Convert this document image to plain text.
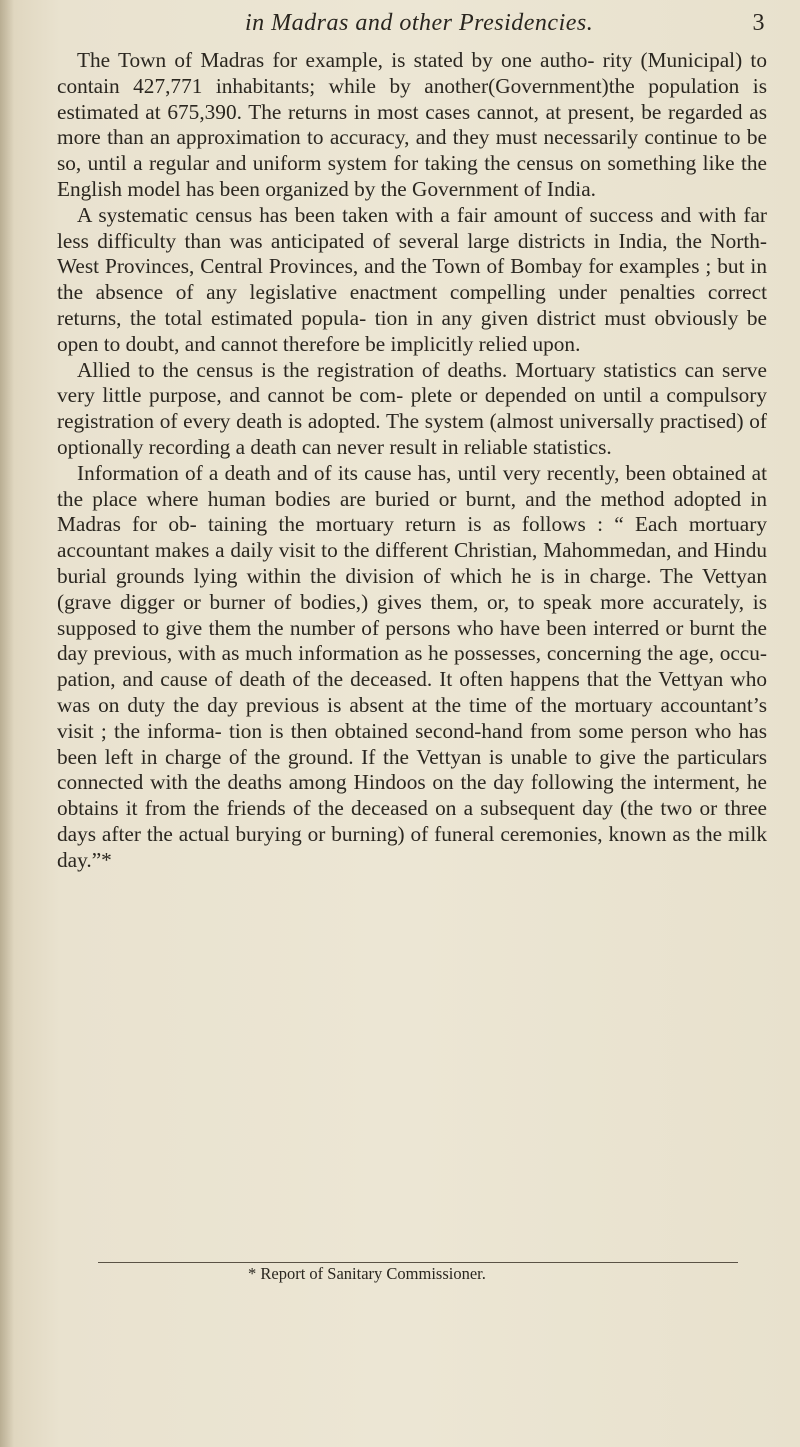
in Madras and other Presidencies.	3

The Town of Madras for example, is stated by one autho- rity (Municipal) to contain 427,771 inhabitants; while by another(Government)the population is estimated at 675,390. The returns in most cases cannot, at present, be regarded as more than an approximation to accuracy, and they must necessarily continue to be so, until a regular and uniform system for taking the census on something like the English model has been organized by the Government of India.

A systematic census has been taken with a fair amount of success and with far less difficulty than was anticipated of several large districts in India, the North-West Provinces, Central Provinces, and the Town of Bombay for examples ; but in the absence of any legislative enactment compelling under penalties correct returns, the total estimated popula- tion in any given district must obviously be open to doubt, and cannot therefore be implicitly relied upon.

Allied to the census is the registration of deaths. Mortuary statistics can serve very little purpose, and cannot be com- plete or depended on until a compulsory registration of every death is adopted. The system (almost universally practised) of optionally recording a death can never result in reliable statistics.

Information of a death and of its cause has, until very recently, been obtained at the place where human bodies are buried or burnt, and the method adopted in Madras for ob- taining the mortuary return is as follows : “ Each mortuary accountant makes a daily visit to the different Christian, Mahommedan, and Hindu burial grounds lying within the division of which he is in charge. The Vettyan (grave digger or burner of bodies,) gives them, or, to speak more accurately, is supposed to give them the number of persons who have been interred or burnt the day previous, with as much information as he possesses, concerning the age, occu- pation, and cause of death of the deceased. It often happens that the Vettyan who was on duty the day previous is absent at the time of the mortuary accountant’s visit ; the informa- tion is then obtained second-hand from some person who has been left in charge of the ground. If the Vettyan is unable to give the particulars connected with the deaths among Hindoos on the day following the interment, he obtains it from the friends of the deceased on a subsequent day (the two or three days after the actual burying or burning) of funeral ceremonies, known as the milk day.”*

* Report of Sanitary Commissioner.
